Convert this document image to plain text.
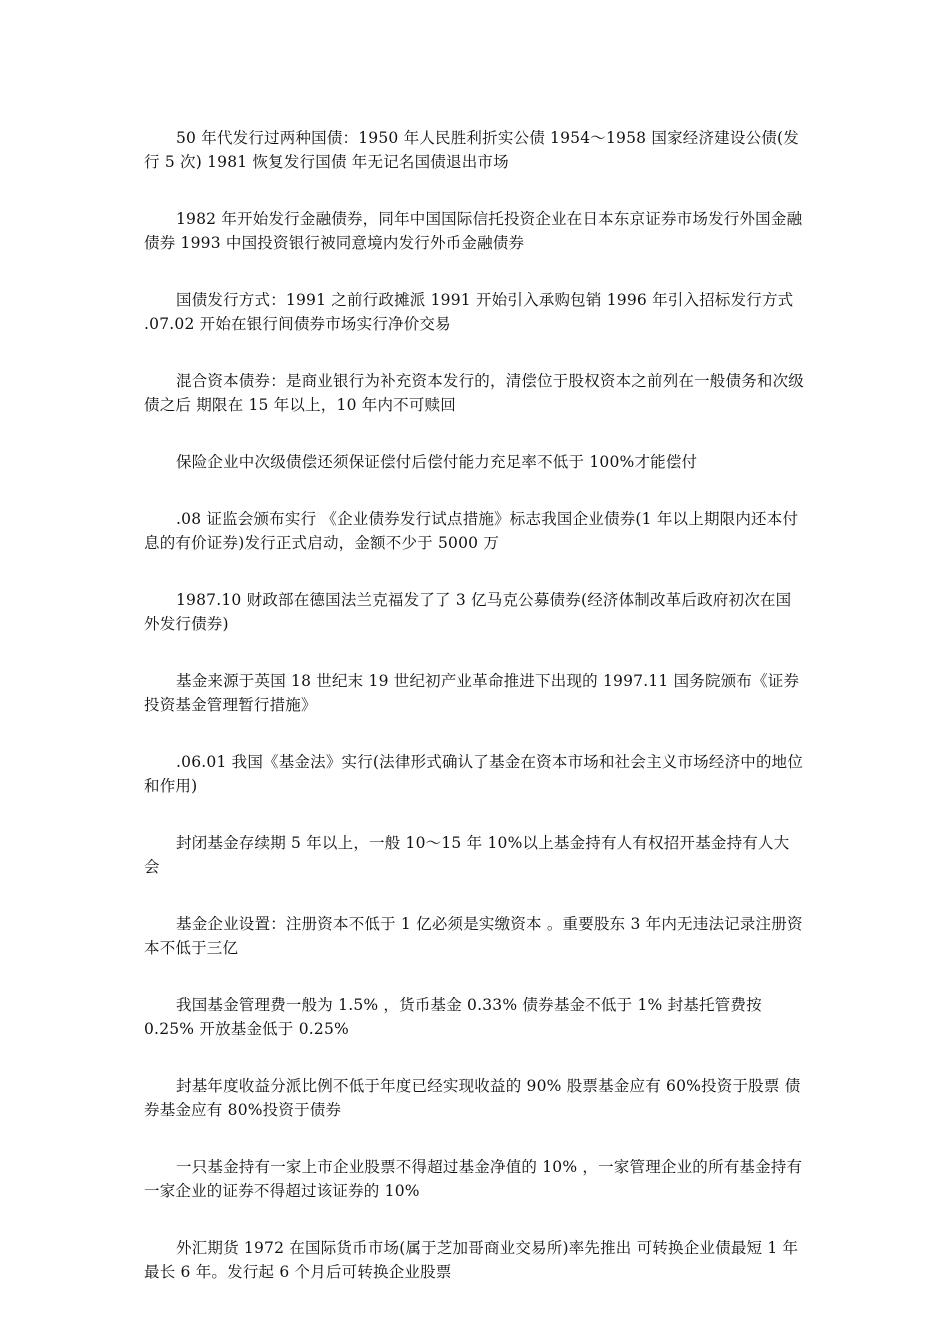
50 年代发行过两种国债：1950 年人民胜利折实公债 1954～1958 国家经济建设公债(发行 5 次) 1981 恢复发行国债 年无记名国债退出市场

1982 年开始发行金融债券，同年中国国际信托投资企业在日本东京证券市场发行外国金融债券 1993 中国投资银行被同意境内发行外币金融债券

国债发行方式：1991 之前行政摊派 1991 开始引入承购包销 1996 年引入招标发行方式 .07.02 开始在银行间债券市场实行净价交易

混合资本债券：是商业银行为补充资本发行的，清偿位于股权资本之前列在一般债务和次级债之后 期限在 15 年以上，10 年内不可赎回

保险企业中次级债偿还须保证偿付后偿付能力充足率不低于 100%才能偿付

.08 证监会颁布实行 《企业债券发行试点措施》标志我国企业债券(1 年以上期限内还本付息的有价证券)发行正式启动，金额不少于 5000 万

1987.10 财政部在德国法兰克福发了了 3 亿马克公募债券(经济体制改革后政府初次在国外发行债券)

基金来源于英国 18 世纪末 19 世纪初产业革命推进下出现的 1997.11 国务院颁布《证券投资基金管理暂行措施》

.06.01 我国《基金法》实行(法律形式确认了基金在资本市场和社会主义市场经济中的地位和作用)

封闭基金存续期 5 年以上，一般 10～15 年 10%以上基金持有人有权招开基金持有人大会

基金企业设置：注册资本不低于 1 亿必须是实缴资本 。重要股东 3 年内无违法记录注册资本不低于三亿

我国基金管理费一般为 1.5% ，货币基金 0.33% 债券基金不低于 1% 封基托管费按 0.25% 开放基金低于 0.25%

封基年度收益分派比例不低于年度已经实现收益的 90% 股票基金应有 60%投资于股票 债券基金应有 80%投资于债券

一只基金持有一家上市企业股票不得超过基金净值的 10% ，一家管理企业的所有基金持有一家企业的证券不得超过该证券的 10%

外汇期货 1972 在国际货币市场(属于芝加哥商业交易所)率先推出 可转换企业债最短 1 年最长 6 年。发行起 6 个月后可转换企业股票
